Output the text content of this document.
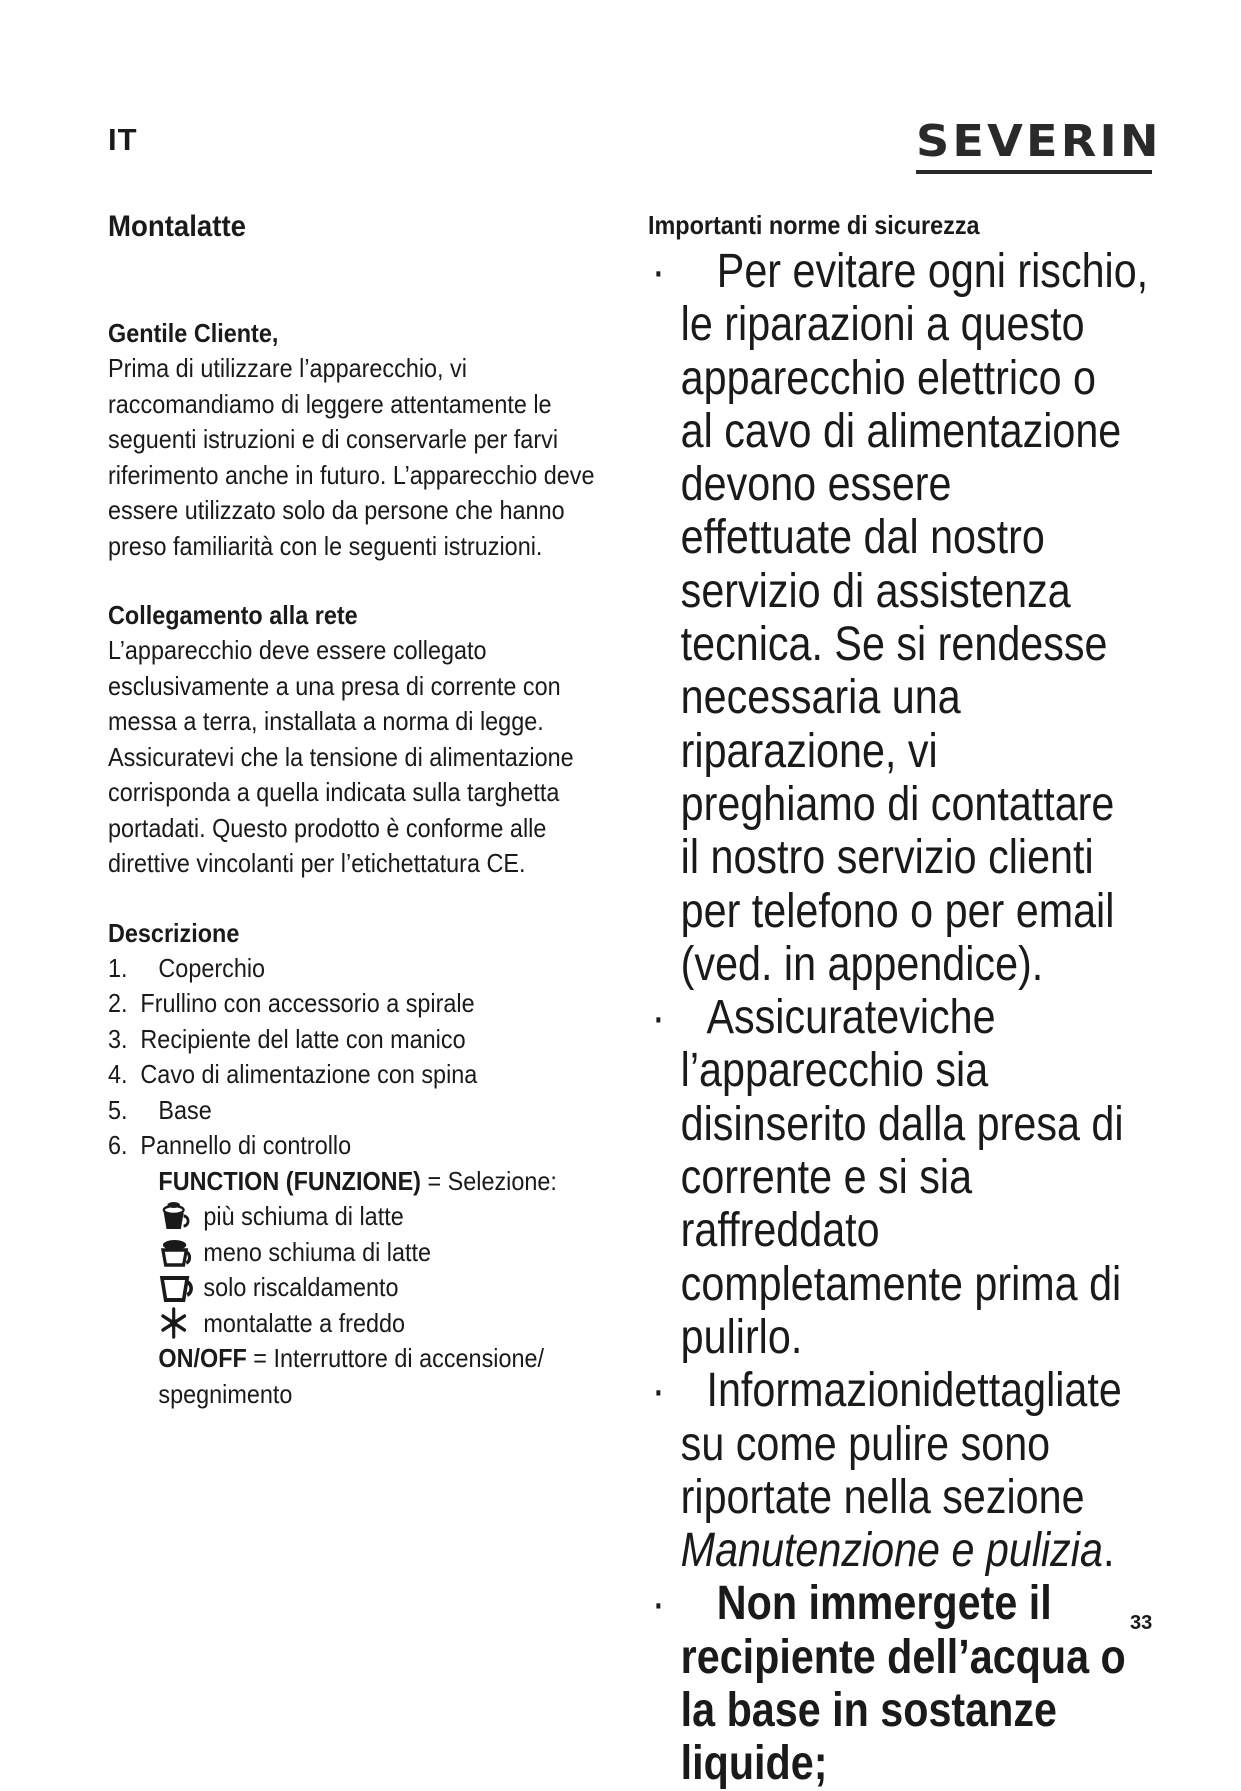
IT	SEVERIN
Montalatte
Gentile Cliente,

Prima di utilizzare l’apparecchio, vi raccomandiamo di leggere attentamente le seguenti istruzioni e di conservarle per farvi riferimento anche in futuro. L’apparecchio deve essere utilizzato solo da persone che hanno preso familiarità con le seguenti istruzioni.

Collegamento alla rete

L’apparecchio deve essere collegato esclusivamente a una presa di corrente con messa a terra, installata a norma di legge. Assicuratevi che la tensione di alimentazione corrisponda a quella indicata sulla targhetta portadati. Questo prodotto è conforme alle direttive vincolanti per l’etichettatura CE.

Descrizione
1. Coperchio
2. Frullino con accessorio a spirale
3. Recipiente del latte con manico
4. Cavo di alimentazione con spina
5. Base
6. Pannello di controllo
FUNCTION (FUNZIONE) = Selezione:
più schiuma di latte
meno schiuma di latte
solo riscaldamento
montalatte a freddo
ON/OFF = Interruttore di accensione/ spegnimento
Importanti norme di sicurezza

· Per evitare ogni rischio,
le riparazioni a questo apparecchio elettrico o al cavo di alimentazione devono essere effettuate dal nostro servizio di assistenza tecnica. Se si rendesse necessaria una riparazione, vi preghiamo di contattare il nostro servizio clienti per telefono o per email (ved. in appendice).

· Assicurateviche
l’apparecchio sia disinserito dalla presa di corrente e si sia raffreddato completamente prima di pulirlo.

· Informazionidettagliate
su come pulire sono riportate nella sezione Manutenzione e pulizia.

· Non immergete il
recipiente dell’acqua o la base in sostanze liquide;

33
